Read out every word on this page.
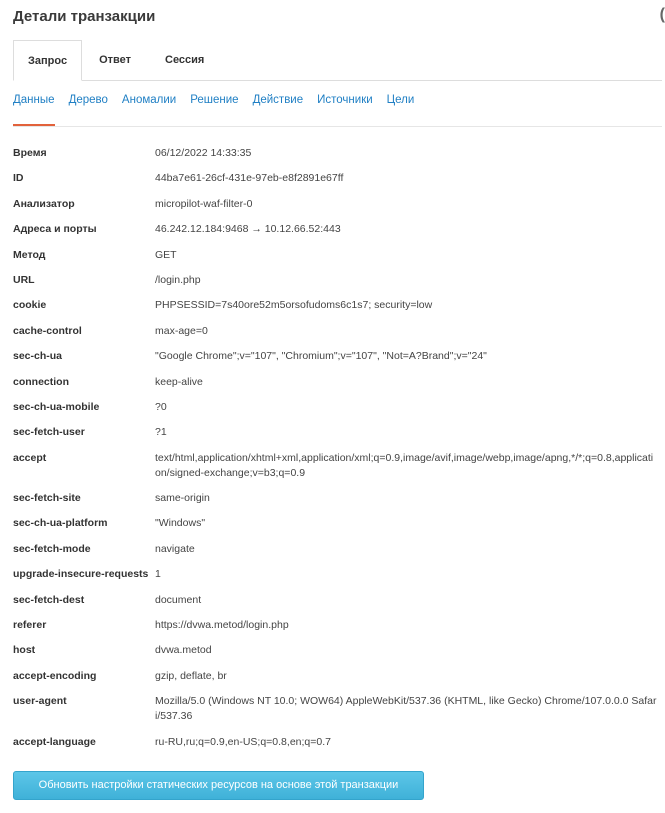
Детали транзакции	(
Запрос	Ответ	Сессия
Данные Дерево Аномалии Решение Действие Источники Цели
Время	06/12/2022 14:33:35
ID	44ba7e61-26cf-431e-97eb-e8f2891e67ff
Анализатор	micropilot-waf-filter-0
Адреса и порты	46.242.12.184:9468 → 10.12.66.52:443
Метод	GET
URL	/login.php
cookie	PHPSESSID=7s40ore52m5orsofudoms6c1s7; security=low
cache-control	max-age=0
sec-ch-ua	"Google Chrome";v="107", "Chromium";v="107", "Not=A?Brand";v="24"
connection	keep-alive
sec-ch-ua-mobile	?0
sec-fetch-user	?1
accept	text/html,application/xhtml+xml,application/xml;q=0.9,image/avif,image/webp,image/apng,*/*;q=0.8,application/signed-exchange;v=b3;q=0.9
sec-fetch-site	same-origin
sec-ch-ua-platform	"Windows"
sec-fetch-mode	navigate
upgrade-insecure-requests 1
sec-fetch-dest	document
referer	https://dvwa.metod/login.php
host	dvwa.metod
accept-encoding	gzip, deflate, br
user-agent	Mozilla/5.0 (Windows NT 10.0; WOW64) AppleWebKit/537.36 (KHTML, like Gecko) Chrome/107.0.0.0 Safari/537.36
accept-language	ru-RU,ru;q=0.9,en-US;q=0.8,en;q=0.7
Обновить настройки статических ресурсов на основе этой транзакции
